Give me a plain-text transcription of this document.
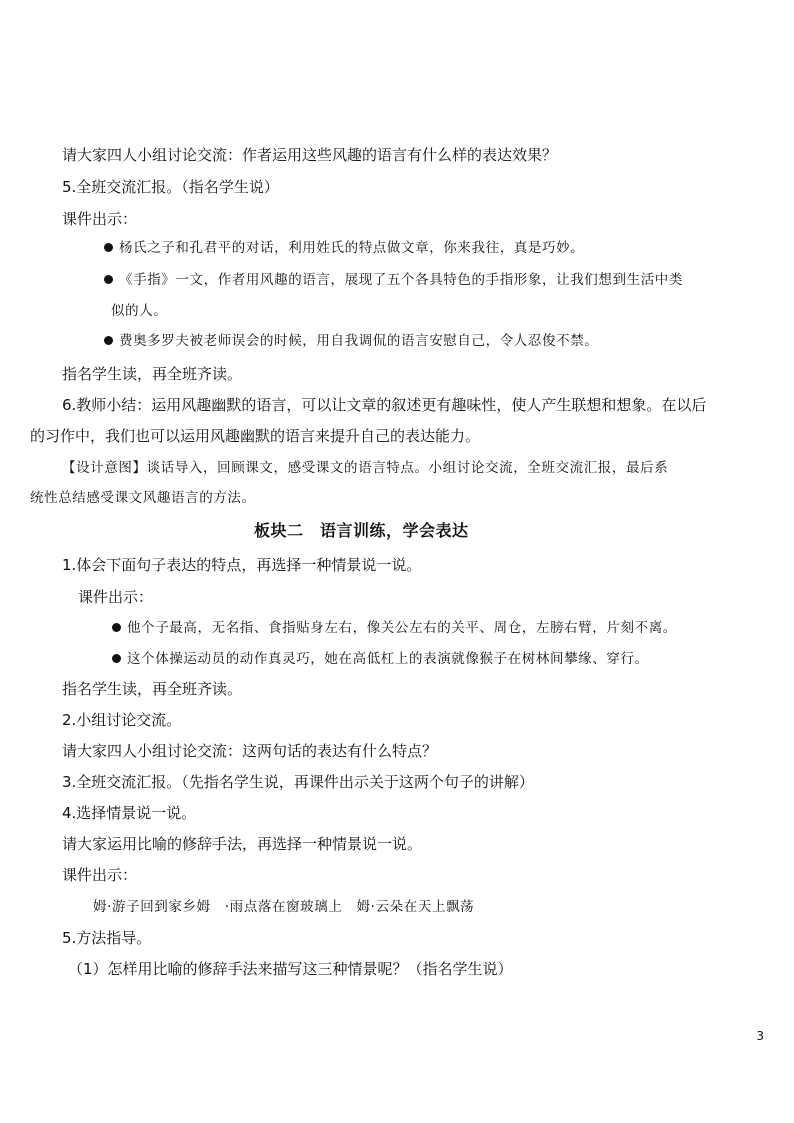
请大家四人小组讨论交流：作者运用这些风趣的语言有什么样的表达效果？
5.全班交流汇报。（指名学生说）
课件出示：
杨氏之子和孔君平的对话，利用姓氏的特点做文章，你来我往，真是巧妙。
《手指》一文，作者用风趣的语言，展现了五个各具特色的手指形象，让我们想到生活中类
似的人。
费奥多罗夫被老师误会的时候，用自我调侃的语言安慰自己，令人忍俊不禁。
指名学生读，再全班齐读。
6.教师小结：运用风趣幽默的语言，可以让文章的叙述更有趣味性，使人产生联想和想象。在以后
的习作中，我们也可以运用风趣幽默的语言来提升自己的表达能力。
【设计意图】谈话导入，回顾课文，感受课文的语言特点。小组讨论交流，全班交流汇报，最后系
统性总结感受课文风趣语言的方法。
板块二　语言训练，学会表达
1.体会下面句子表达的特点，再选择一种情景说一说。
课件出示：
他个子最高，无名指、食指贴身左右，像关公左右的关平、周仓，左膀右臂，片刻不离。
这个体操运动员的动作真灵巧，她在高低杠上的表演就像猴子在树林间攀缘、穿行。
指名学生读，再全班齐读。
2.小组讨论交流。
请大家四人小组讨论交流：这两句话的表达有什么特点？
3.全班交流汇报。（先指名学生说，再课件出示关于这两个句子的讲解）
4.选择情景说一说。
请大家运用比喻的修辞手法，再选择一种情景说一说。
课件出示：
姆·游子回到家乡姆　·雨点落在窗玻璃上　姆·云朵在天上飘荡
5.方法指导。
（1）怎样用比喻的修辞手法来描写这三种情景呢？（指名学生说）
3
